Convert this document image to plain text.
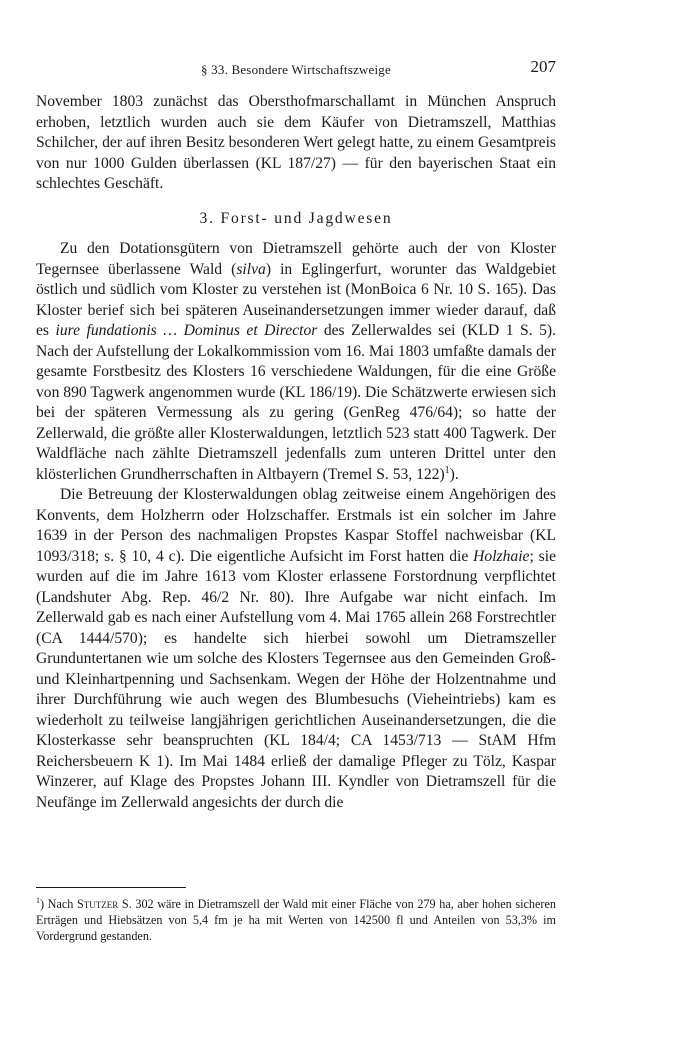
§ 33. Besondere Wirtschaftszweige	207

November 1803 zunächst das Obersthofmarschallamt in München Anspruch erhoben, letztlich wurden auch sie dem Käufer von Dietramszell, Matthias Schilcher, der auf ihren Besitz besonderen Wert gelegt hatte, zu einem Gesamtpreis von nur 1000 Gulden überlassen (KL 187/27) — für den bayerischen Staat ein schlechtes Geschäft.

3. Forst- und Jagdwesen

Zu den Dotationsgütern von Dietramszell gehörte auch der von Kloster Tegernsee überlassene Wald (silva) in Eglingerfurt, worunter das Waldgebiet östlich und südlich vom Kloster zu verstehen ist (MonBoica 6 Nr. 10 S. 165). Das Kloster berief sich bei späteren Auseinandersetzungen immer wieder darauf, daß es iure fundationis … Dominus et Director des Zellerwaldes sei (KLD 1 S. 5). Nach der Aufstellung der Lokalkommission vom 16. Mai 1803 umfaßte damals der gesamte Forstbesitz des Klosters 16 verschiedene Waldungen, für die eine Größe von 890 Tagwerk angenommen wurde (KL 186/19). Die Schätzwerte erwiesen sich bei der späteren Vermessung als zu gering (GenReg 476/64); so hatte der Zellerwald, die größte aller Klosterwaldungen, letztlich 523 statt 400 Tagwerk. Der Waldfläche nach zählte Dietramszell jedenfalls zum unteren Drittel unter den klösterlichen Grundherrschaften in Altbayern (Tremel S. 53, 122)$^1$).

Die Betreuung der Klosterwaldungen oblag zeitweise einem Angehörigen des Konvents, dem Holzherrn oder Holzschaffer. Erstmals ist ein solcher im Jahre 1639 in der Person des nachmaligen Propstes Kaspar Stoffel nachweisbar (KL 1093/318; s. § 10, 4 c). Die eigentliche Aufsicht im Forst hatten die Holzhaie; sie wurden auf die im Jahre 1613 vom Kloster erlassene Forstordnung verpflichtet (Landshuter Abg. Rep. 46/2 Nr. 80). Ihre Aufgabe war nicht einfach. Im Zellerwald gab es nach einer Aufstellung vom 4. Mai 1765 allein 268 Forstrechtler (CA 1444/570); es handelte sich hierbei sowohl um Dietramszeller Grunduntertanen wie um solche des Klosters Tegernsee aus den Gemeinden Groß- und Kleinhartpenning und Sachsenkam. Wegen der Höhe der Holzentnahme und ihrer Durchführung wie auch wegen des Blumbesuchs (Vieheintriebs) kam es wiederholt zu teilweise langjährigen gerichtlichen Auseinandersetzungen, die die Klosterkasse sehr beanspruchten (KL 184/4; CA 1453/713 — StAM Hfm Reichersbeuern K 1). Im Mai 1484 erließ der damalige Pfleger zu Tölz, Kaspar Winzerer, auf Klage des Propstes Johann III. Kyndler von Dietramszell für die Neufänge im Zellerwald angesichts der durch die

$^1$) Nach Stutzer S. 302 wäre in Dietramszell der Wald mit einer Fläche von 279 ha, aber hohen sicheren Erträgen und Hiebsätzen von 5,4 fm je ha mit Werten von 142500 fl und Anteilen von 53,3% im Vordergrund gestanden.
